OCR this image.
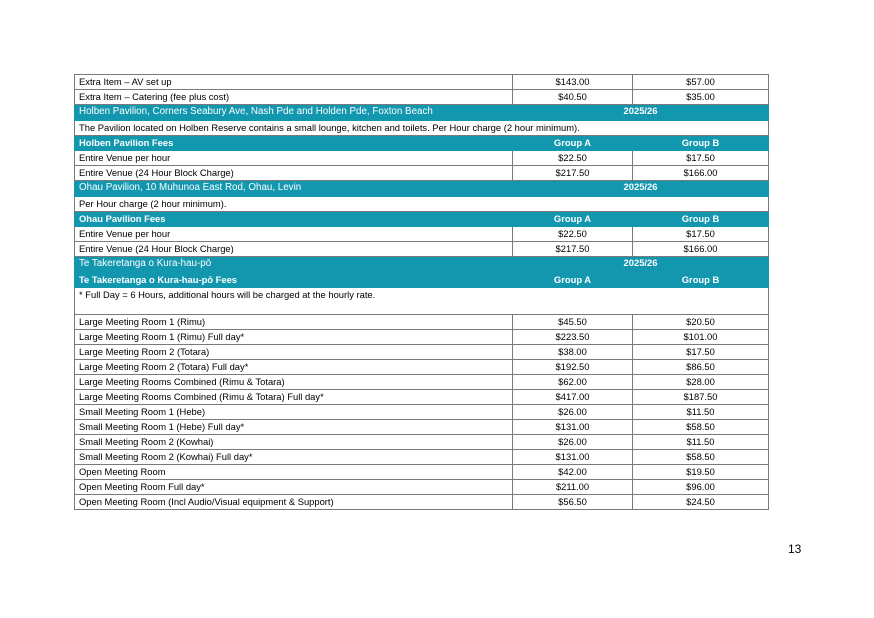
Extra Item – AV set up	$143.00	$57.00
Extra Item – Catering (fee plus cost)	$40.50	$35.00
Holben Pavilion, Corners Seabury Ave, Nash Pde and Holden Pde, Foxton Beach	2025/26	
The Pavilion located on Holben Reserve contains a small lounge, kitchen and toilets. Per Hour charge (2 hour minimum).		
Holben Pavilion Fees	Group A	Group B
Entire Venue per hour	$22.50	$17.50
Entire Venue (24 Hour Block Charge)	$217.50	$166.00
Ohau Pavilion, 10 Muhunoa East Rod, Ohau, Levin	2025/26	
Per Hour charge (2 hour minimum).		
Ohau Pavilion Fees	Group A	Group B
Entire Venue per hour	$22.50	$17.50
Entire Venue (24 Hour Block Charge)	$217.50	$166.00
Te Takeretanga o Kura-hau-pō	2025/26	
Te Takeretanga o Kura-hau-pō Fees	Group A	Group B
* Full Day = 6 Hours, additional hours will be charged at the hourly rate.		
Large Meeting Room 1 (Rimu)	$45.50	$20.50
Large Meeting Room 1 (Rimu) Full day*	$223.50	$101.00
Large Meeting Room 2 (Totara)	$38.00	$17.50
Large Meeting Room 2 (Totara) Full day*	$192.50	$86.50
Large Meeting Rooms Combined (Rimu & Totara)	$62.00	$28.00
Large Meeting Rooms Combined (Rimu & Totara) Full day*	$417.00	$187.50
Small Meeting Room 1 (Hebe)	$26.00	$11.50
Small Meeting Room 1 (Hebe) Full day*	$131.00	$58.50
Small Meeting Room 2 (Kowhai)	$26.00	$11.50
Small Meeting Room 2 (Kowhai) Full day*	$131.00	$58.50
Open Meeting Room	$42.00	$19.50
Open Meeting Room Full day*	$211.00	$96.00
Open Meeting Room (Incl Audio/Visual equipment & Support)	$56.50	$24.50
13
